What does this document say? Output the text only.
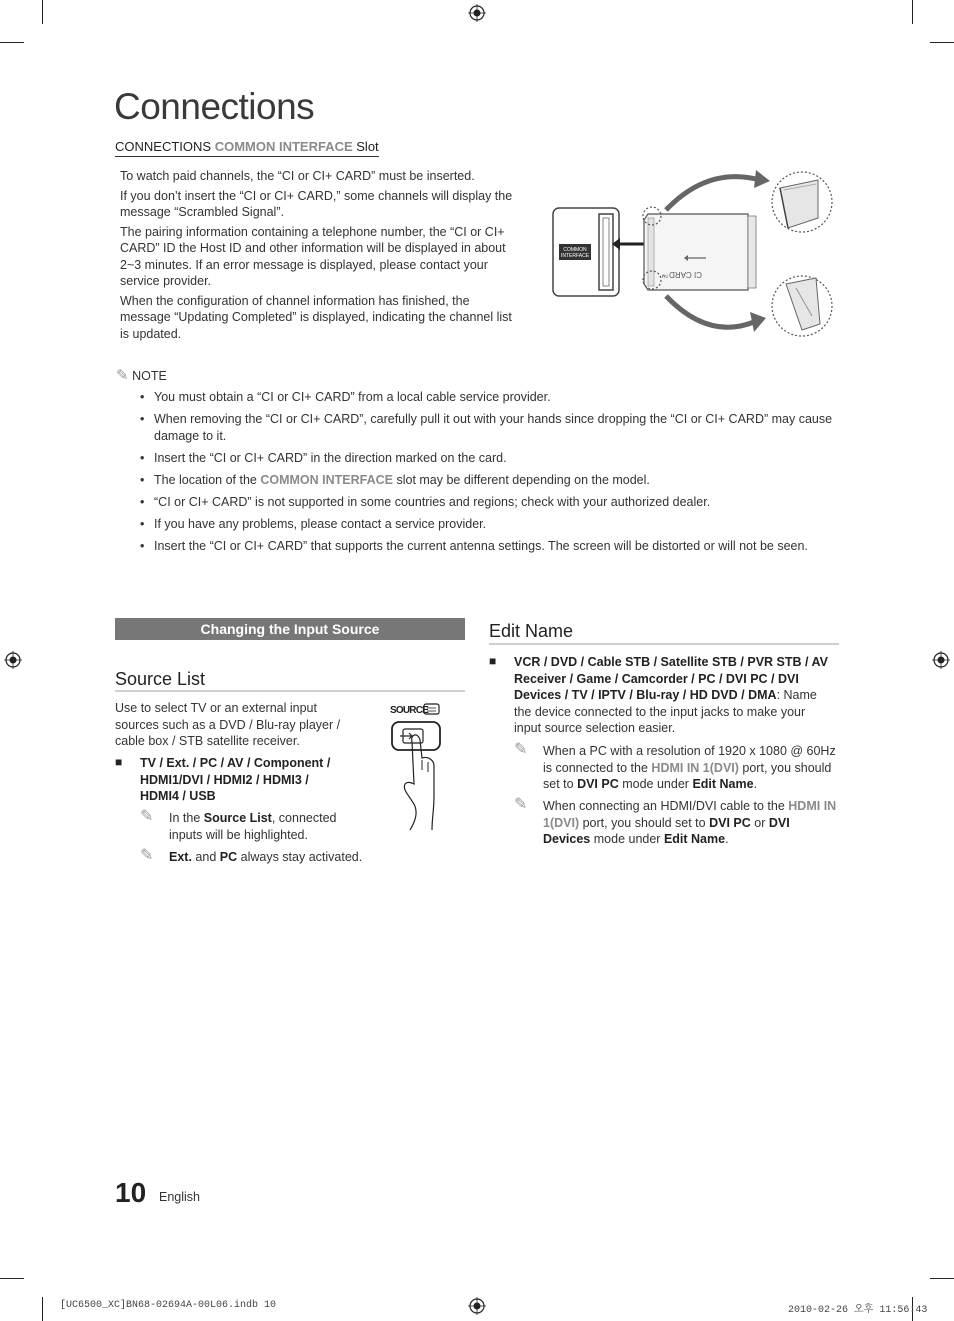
Connections
CONNECTIONS COMMON INTERFACE Slot

To watch paid channels, the “CI or CI+ CARD” must be inserted.

If you don’t insert the “CI or CI+ CARD,” some channels will display the message “Scrambled Signal”.

The pairing information containing a telephone number, the “CI or CI+ CARD” ID the Host ID and other information will be displayed in about 2~3 minutes. If an error message is displayed, please contact your service provider.

When the configuration of channel information has finished, the message “Updating Completed” is displayed, indicating the channel list is updated.

COMMON
INTERFACE
CI CARD™
✎ NOTE
• You must obtain a “CI or CI+ CARD” from a local cable service provider.
• When removing the “CI or CI+ CARD”, carefully pull it out with your hands since dropping the “CI or CI+ CARD” may cause damage to it.
• Insert the “CI or CI+ CARD” in the direction marked on the card.
• The location of the COMMON INTERFACE slot may be different depending on the model.
• “CI or CI+ CARD” is not supported in some countries and regions; check with your authorized dealer.
• If you have any problems, please contact a service provider.
• Insert the “CI or CI+ CARD” that supports the current antenna settings. The screen will be distorted or will not be seen.
Changing the Input Source
Source List
Use to select TV or an external input sources such as a DVD / Blu-ray player / cable box / STB satellite receiver.
■ TV / Ext. / PC / AV / Component / HDMI1/DVI / HDMI2 / HDMI3 / HDMI4 / USB
✎ In the Source List, connected inputs will be highlighted.
✎ Ext. and PC always stay activated.
SOURCE
Edit Name
■ VCR / DVD / Cable STB / Satellite STB / PVR STB / AV Receiver / Game / Camcorder / PC / DVI PC / DVI Devices / TV / IPTV / Blu-ray / HD DVD / DMA: Name the device connected to the input jacks to make your input source selection easier.
✎ When a PC with a resolution of 1920 x 1080 @ 60Hz is connected to the HDMI IN 1(DVI) port, you should set to DVI PC mode under Edit Name.
✎ When connecting an HDMI/DVI cable to the HDMI IN 1(DVI) port, you should set to DVI PC or DVI Devices mode under Edit Name.
10 English
[UC6500_XC]BN68-02694A-00L06.indb 10	2010-02-26 오후 11:56:43
